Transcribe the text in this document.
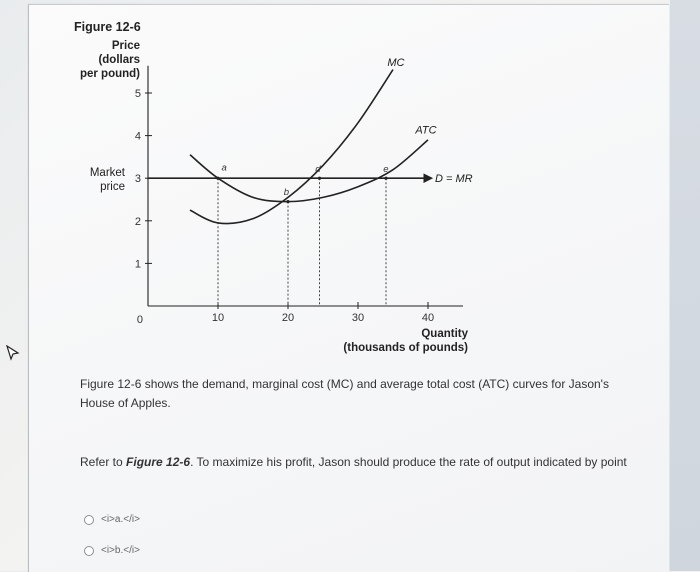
Figure 12-6
Price
(dollars
per pound)
Market
price
Quantity
(thousands of pounds)
1
2
3
4
5
0	10	20	30	40
MC
ATC
D = MR
a
b
d	e
Figure 12-6 shows the demand, marginal cost (MC) and average total cost (ATC) curves for Jason's House of Apples.
Refer to Figure 12-6. To maximize his profit, Jason should produce the rate of output indicated by point
<i>a.</i>
<i>b.</i>
